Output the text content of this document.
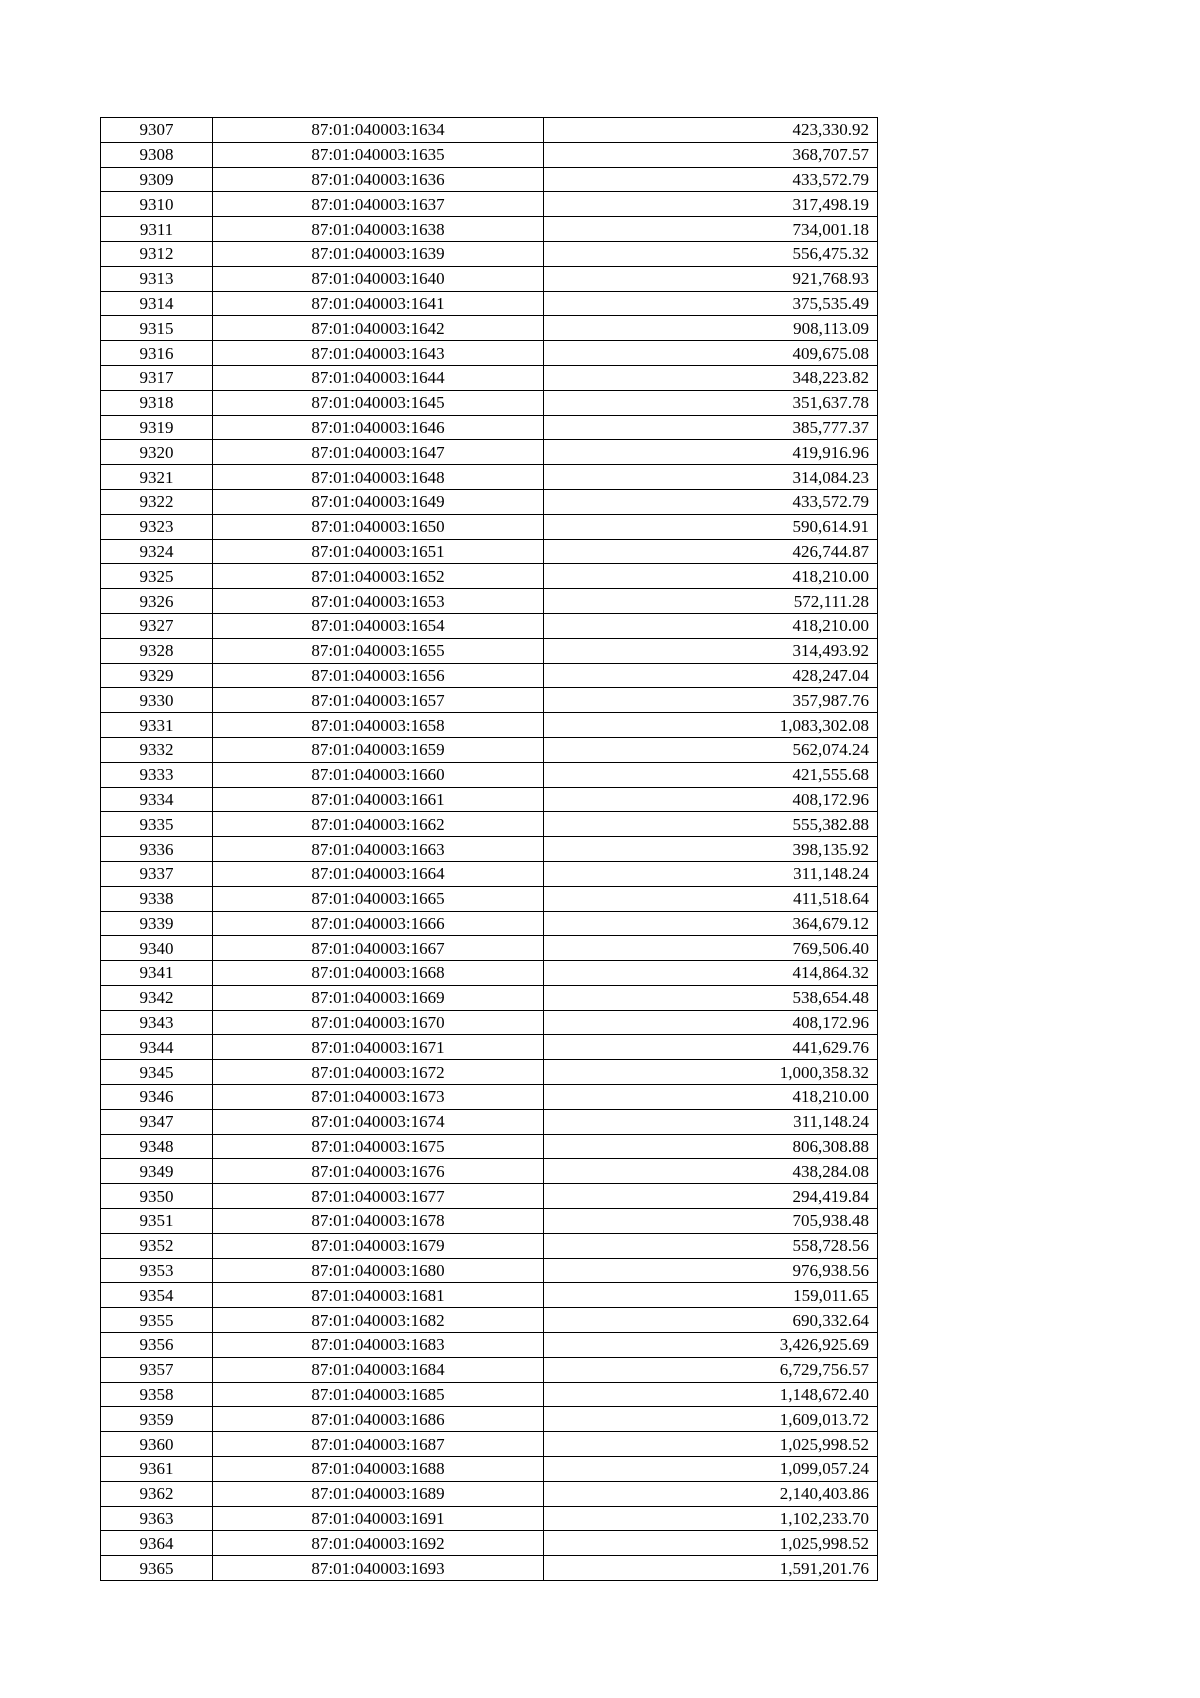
9307	87:01:040003:1634	423,330.92
9308	87:01:040003:1635	368,707.57
9309	87:01:040003:1636	433,572.79
9310	87:01:040003:1637	317,498.19
9311	87:01:040003:1638	734,001.18
9312	87:01:040003:1639	556,475.32
9313	87:01:040003:1640	921,768.93
9314	87:01:040003:1641	375,535.49
9315	87:01:040003:1642	908,113.09
9316	87:01:040003:1643	409,675.08
9317	87:01:040003:1644	348,223.82
9318	87:01:040003:1645	351,637.78
9319	87:01:040003:1646	385,777.37
9320	87:01:040003:1647	419,916.96
9321	87:01:040003:1648	314,084.23
9322	87:01:040003:1649	433,572.79
9323	87:01:040003:1650	590,614.91
9324	87:01:040003:1651	426,744.87
9325	87:01:040003:1652	418,210.00
9326	87:01:040003:1653	572,111.28
9327	87:01:040003:1654	418,210.00
9328	87:01:040003:1655	314,493.92
9329	87:01:040003:1656	428,247.04
9330	87:01:040003:1657	357,987.76
9331	87:01:040003:1658	1,083,302.08
9332	87:01:040003:1659	562,074.24
9333	87:01:040003:1660	421,555.68
9334	87:01:040003:1661	408,172.96
9335	87:01:040003:1662	555,382.88
9336	87:01:040003:1663	398,135.92
9337	87:01:040003:1664	311,148.24
9338	87:01:040003:1665	411,518.64
9339	87:01:040003:1666	364,679.12
9340	87:01:040003:1667	769,506.40
9341	87:01:040003:1668	414,864.32
9342	87:01:040003:1669	538,654.48
9343	87:01:040003:1670	408,172.96
9344	87:01:040003:1671	441,629.76
9345	87:01:040003:1672	1,000,358.32
9346	87:01:040003:1673	418,210.00
9347	87:01:040003:1674	311,148.24
9348	87:01:040003:1675	806,308.88
9349	87:01:040003:1676	438,284.08
9350	87:01:040003:1677	294,419.84
9351	87:01:040003:1678	705,938.48
9352	87:01:040003:1679	558,728.56
9353	87:01:040003:1680	976,938.56
9354	87:01:040003:1681	159,011.65
9355	87:01:040003:1682	690,332.64
9356	87:01:040003:1683	3,426,925.69
9357	87:01:040003:1684	6,729,756.57
9358	87:01:040003:1685	1,148,672.40
9359	87:01:040003:1686	1,609,013.72
9360	87:01:040003:1687	1,025,998.52
9361	87:01:040003:1688	1,099,057.24
9362	87:01:040003:1689	2,140,403.86
9363	87:01:040003:1691	1,102,233.70
9364	87:01:040003:1692	1,025,998.52
9365	87:01:040003:1693	1,591,201.76
